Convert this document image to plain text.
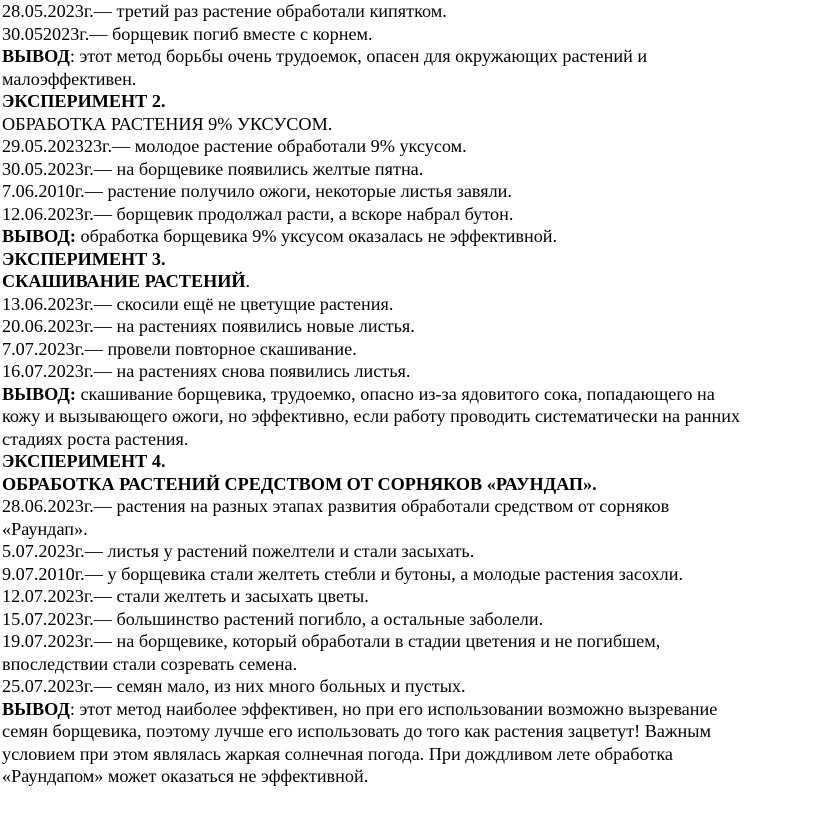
28.05.2023г.— третий раз растение обработали кипятком.
30.052023г.— борщевик погиб вместе с корнем.
ВЫВОД: этот метод борьбы очень трудоемок, опасен для окружающих растений и
малоэффективен.
ЭКСПЕРИМЕНТ 2.
ОБРАБОТКА РАСТЕНИЯ 9% УКСУСОМ.
29.05.202323г.— молодое растение обработали 9% уксусом.
30.05.2023г.— на борщевике появились желтые пятна.
7.06.2010г.— растение получило ожоги, некоторые листья завяли.
12.06.2023г.— борщевик продолжал расти, а вскоре набрал бутон.
ВЫВОД: обработка борщевика 9% уксусом оказалась не эффективной.
ЭКСПЕРИМЕНТ 3.
СКАШИВАНИЕ РАСТЕНИЙ.
13.06.2023г.— скосили ещё не цветущие растения.
20.06.2023г.— на растениях появились новые листья.
7.07.2023г.— провели повторное скашивание.
16.07.2023г.— на растениях снова появились листья.
ВЫВОД: скашивание борщевика, трудоемко, опасно из-за ядовитого сока, попадающего на
кожу и вызывающего ожоги, но эффективно, если работу проводить систематически на ранних
стадиях роста растения.
ЭКСПЕРИМЕНТ 4.
ОБРАБОТКА РАСТЕНИЙ СРЕДСТВОМ ОТ СОРНЯКОВ «РАУНДАП».
28.06.2023г.— растения на разных этапах развития обработали средством от сорняков
«Раундап».
5.07.2023г.— листья у растений пожелтели и стали засыхать.
9.07.2010г.— у борщевика стали желтеть стебли и бутоны, а молодые растения засохли.
12.07.2023г.— стали желтеть и засыхать цветы.
15.07.2023г.— большинство растений погибло, а остальные заболели.
19.07.2023г.— на борщевике, который обработали в стадии цветения и не погибшем,
впоследствии стали созревать семена.
25.07.2023г.— семян мало, из них много больных и пустых.
ВЫВОД: этот метод наиболее эффективен, но при его использовании возможно вызревание
семян борщевика, поэтому лучше его использовать до того как растения зацветут! Важным
условием при этом являлась жаркая солнечная погода. При дождливом лете обработка
«Раундапом» может оказаться не эффективной.
